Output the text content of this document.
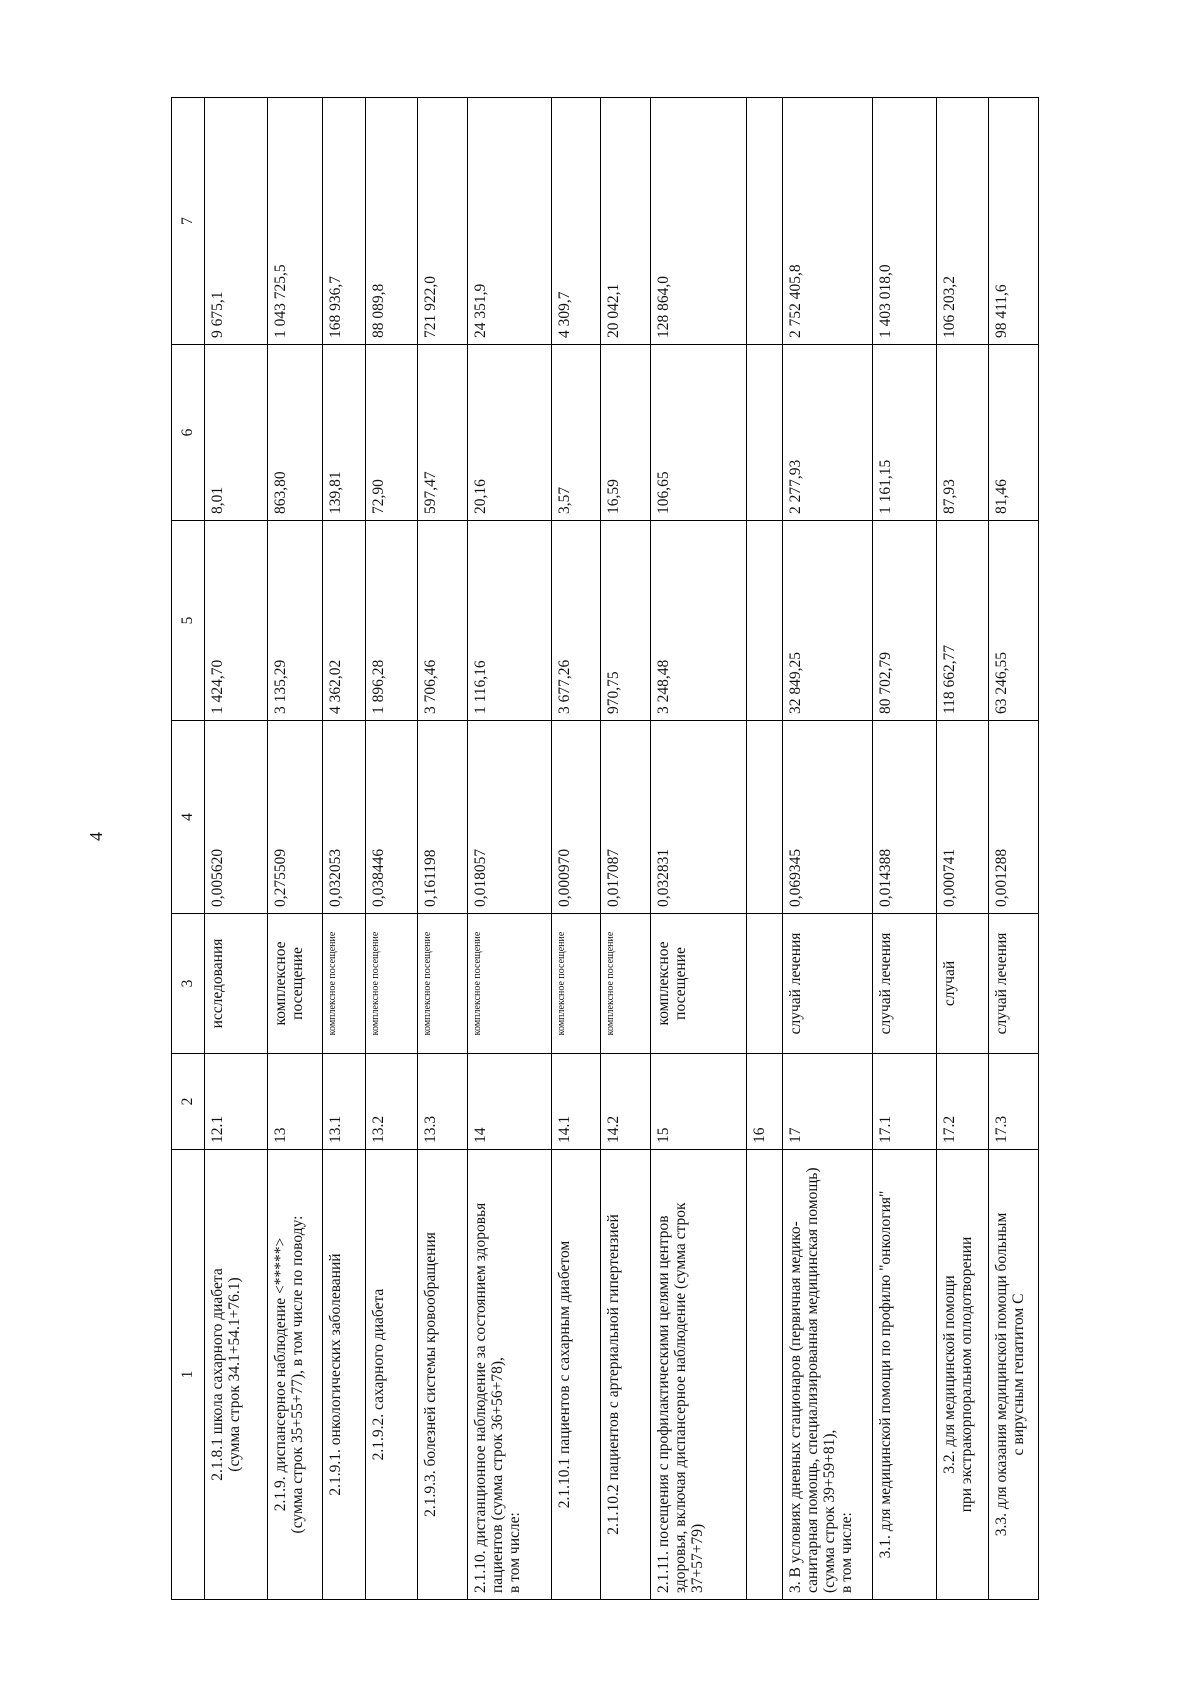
4
1	2	3	4	5	6	7
2.1.8.1 школа сахарного диабета
(сумма строк 34.1+54.1+76.1)	12.1	исследования	0,005620	1 424,70	8,01	9 675,1
2.1.9. диспансерное наблюдение <*****>
(сумма строк 35+55+77), в том числе по поводу:	13	комплексное посещение	0,275509	3 135,29	863,80	1 043 725,5
2.1.9.1. онкологических заболеваний	13.1	комплексное посещение	0,032053	4 362,02	139,81	168 936,7
2.1.9.2. сахарного диабета	13.2	комплексное посещение	0,038446	1 896,28	72,90	88 089,8
2.1.9.3. болезней системы кровообращения	13.3	комплексное посещение	0,161198	3 706,46	597,47	721 922,0
2.1.10. дистанционное наблюдение за состоянием здоровья пациентов (сумма строк 36+56+78),
в том числе:	14	комплексное посещение	0,018057	1 116,16	20,16	24 351,9
2.1.10.1 пациентов с сахарным диабетом	14.1	комплексное посещение	0,000970	3 677,26	3,57	4 309,7
2.1.10.2 пациентов с артериальной гипертензией	14.2	комплексное посещение	0,017087	970,75	16,59	20 042,1
2.1.11. посещения с профилактическими целями центров здоровья, включая диспансерное наблюдение (сумма строк 37+57+79)	15	комплексное посещение	0,032831	3 248,48	106,65	128 864,0
	16					
3. В условиях дневных стационаров (первичная медико-санитарная помощь, специализированная медицинская помощь) (сумма строк 39+59+81),
в том числе:	17	случай лечения	0,069345	32 849,25	2 277,93	2 752 405,8
3.1. для медицинской помощи по профилю "онкология"	17.1	случай лечения	0,014388	80 702,79	1 161,15	1 403 018,0
3.2. для медицинской помощи
при экстракорпоральном оплодотворении	17.2	случай	0,000741	118 662,77	87,93	106 203,2
3.3. для оказания медицинской помощи больным
с вирусным гепатитом С	17.3	случай лечения	0,001288	63 246,55	81,46	98 411,6
